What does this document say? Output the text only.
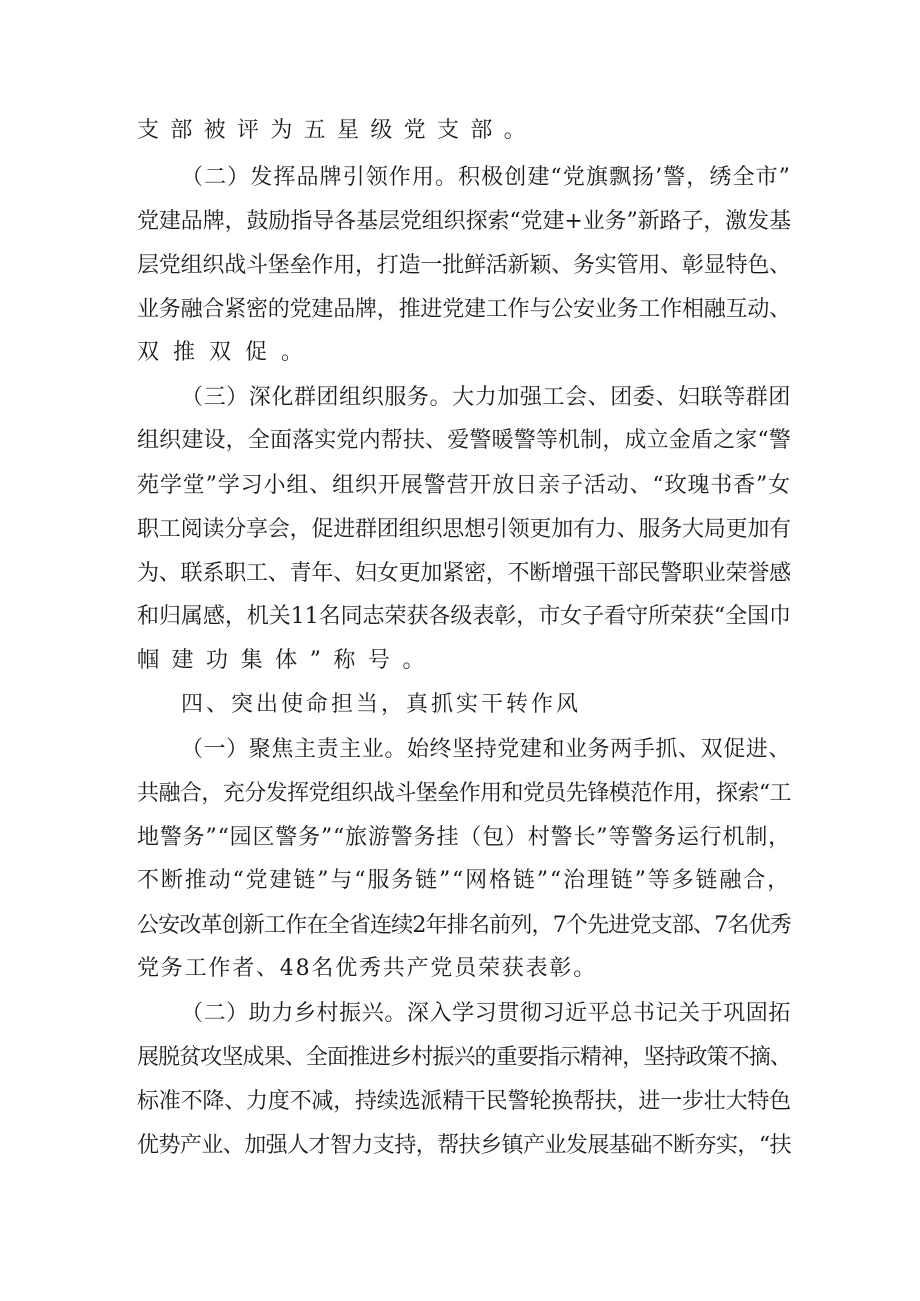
支部被评为五星级党支部。
（二）发挥品牌引领作用。积极创建“党旗飘扬’警，绣全市”
党建品牌，鼓励指导各基层党组织探索“党建+业务”新路子，激发基
层党组织战斗堡垒作用，打造一批鲜活新颖、务实管用、彰显特色、
业务融合紧密的党建品牌，推进党建工作与公安业务工作相融互动、
双推双促。
（三）深化群团组织服务。大力加强工会、团委、妇联等群团
组织建设，全面落实党内帮扶、爱警暖警等机制，成立金盾之家“警
苑学堂”学习小组、组织开展警营开放日亲子活动、“玫瑰书香”女
职工阅读分享会，促进群团组织思想引领更加有力、服务大局更加有
为、联系职工、青年、妇女更加紧密，不断增强干部民警职业荣誉感
和归属感，机关11名同志荣获各级表彰，市女子看守所荣获“全国巾
帼建功集体”称号。
四、突出使命担当，真抓实干转作风
（一）聚焦主责主业。始终坚持党建和业务两手抓、双促进、
共融合，充分发挥党组织战斗堡垒作用和党员先锋模范作用，探索“工
地警务”“园区警务”“旅游警务挂（包）村警长”等警务运行机制，
不断推动“党建链”与“服务链”“网格链”“治理链”等多链融合，
公安改革创新工作在全省连续2年排名前列，7个先进党支部、7名优秀
党务工作者、48名优秀共产党员荣获表彰。
（二）助力乡村振兴。深入学习贯彻习近平总书记关于巩固拓
展脱贫攻坚成果、全面推进乡村振兴的重要指示精神，坚持政策不摘、
标准不降、力度不减，持续选派精干民警轮换帮扶，进一步壮大特色
优势产业、加强人才智力支持，帮扶乡镇产业发展基础不断夯实，“扶
